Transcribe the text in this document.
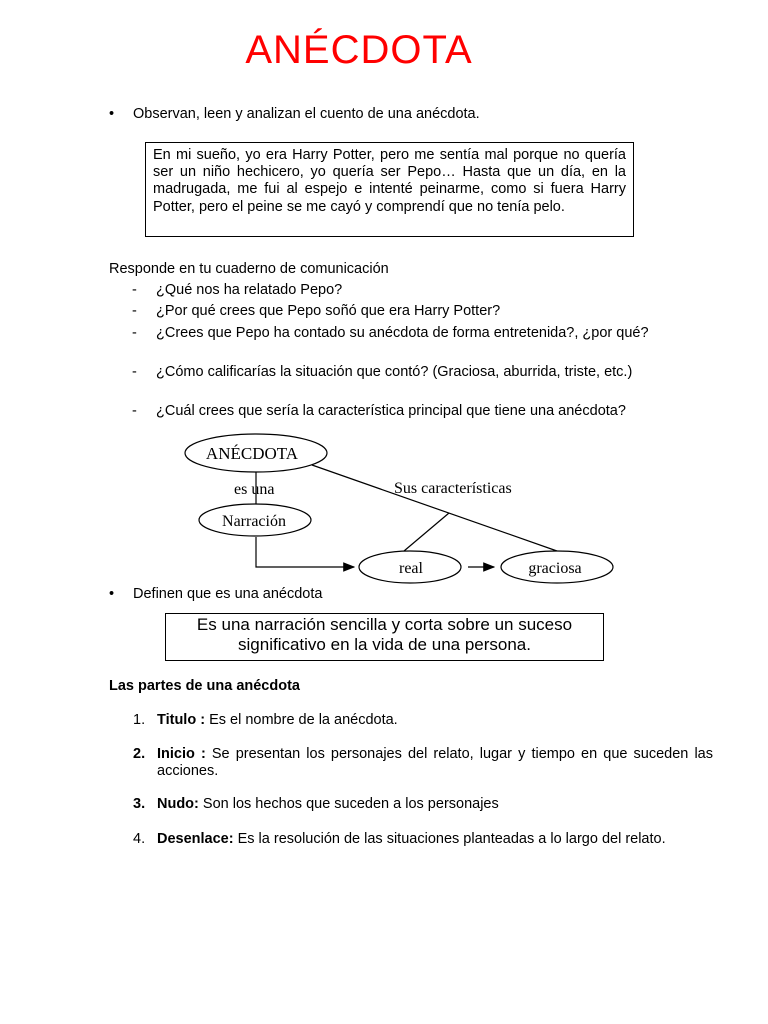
ANÉCDOTA
• Observan, leen y analizan el cuento de una anécdota.
En mi sueño, yo era Harry Potter, pero me sentía mal porque no quería ser un niño hechicero, yo quería ser Pepo… Hasta que un día, en la madrugada, me fui al espejo e intenté peinarme, como si fuera Harry Potter, pero el peine se me cayó y comprendí que no tenía pelo.
Responde en tu cuaderno de comunicación
- ¿Qué nos ha relatado Pepo?
- ¿Por qué crees que Pepo soñó que era Harry Potter?
- ¿Crees que Pepo ha contado su anécdota de forma entretenida?, ¿por qué?
- ¿Cómo calificarías la situación que contó? (Graciosa, aburrida, triste, etc.)
- ¿Cuál crees que sería la característica principal que tiene una anécdota?
ANÉCDOTA
es una
Narración
Sus características
real	graciosa
• Definen que es una anécdota
Es una narración sencilla y corta sobre un suceso significativo en la vida de una persona.
Las partes de una anécdota
1. Titulo : Es el nombre de la anécdota.
2. Inicio : Se presentan los personajes del relato, lugar y tiempo en que suceden las acciones.
3. Nudo: Son los hechos que suceden a los personajes
4. Desenlace: Es la resolución de las situaciones planteadas a lo largo del relato.
